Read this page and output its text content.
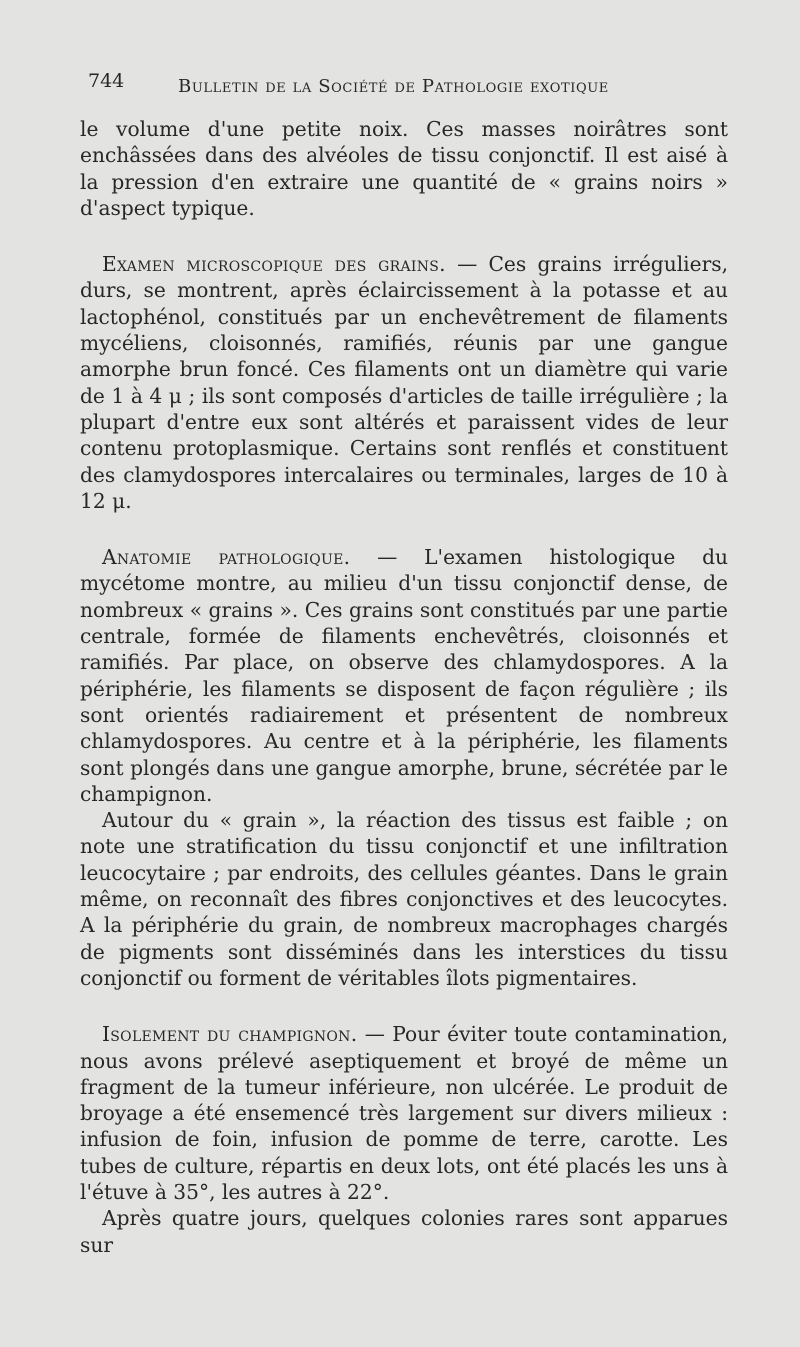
744	Bulletin de la Société de Pathologie exotique

le volume d'une petite noix. Ces masses noirâtres sont enchâssées dans des alvéoles de tissu conjonctif. Il est aisé à la pression d'en extraire une quantité de « grains noirs » d'aspect typique.

Examen microscopique des grains. — Ces grains irréguliers, durs, se montrent, après éclaircissement à la potasse et au lactophénol, constitués par un enchevêtrement de filaments mycéliens, cloisonnés, ramifiés, réunis par une gangue amorphe brun foncé. Ces filaments ont un diamètre qui varie de 1 à 4 μ ; ils sont composés d'articles de taille irrégulière ; la plupart d'entre eux sont altérés et paraissent vides de leur contenu protoplasmique. Certains sont renflés et constituent des clamydospores intercalaires ou terminales, larges de 10 à 12 μ.

Anatomie pathologique. — L'examen histologique du mycétome montre, au milieu d'un tissu conjonctif dense, de nombreux « grains ». Ces grains sont constitués par une partie centrale, formée de filaments enchevêtrés, cloisonnés et ramifiés. Par place, on observe des chlamydospores. A la périphérie, les filaments se disposent de façon régulière ; ils sont orientés radiairement et présentent de nombreux chlamydospores. Au centre et à la périphérie, les filaments sont plongés dans une gangue amorphe, brune, sécrétée par le champignon.

Autour du « grain », la réaction des tissus est faible ; on note une stratification du tissu conjonctif et une infiltration leucocytaire ; par endroits, des cellules géantes. Dans le grain même, on reconnaît des fibres conjonctives et des leucocytes. A la périphérie du grain, de nombreux macrophages chargés de pigments sont disséminés dans les interstices du tissu conjonctif ou forment de véritables îlots pigmentaires.

Isolement du champignon. — Pour éviter toute contamination, nous avons prélevé aseptiquement et broyé de même un fragment de la tumeur inférieure, non ulcérée. Le produit de broyage a été ensemencé très largement sur divers milieux : infusion de foin, infusion de pomme de terre, carotte. Les tubes de culture, répartis en deux lots, ont été placés les uns à l'étuve à 35°, les autres à 22°.

Après quatre jours, quelques colonies rares sont apparues sur
